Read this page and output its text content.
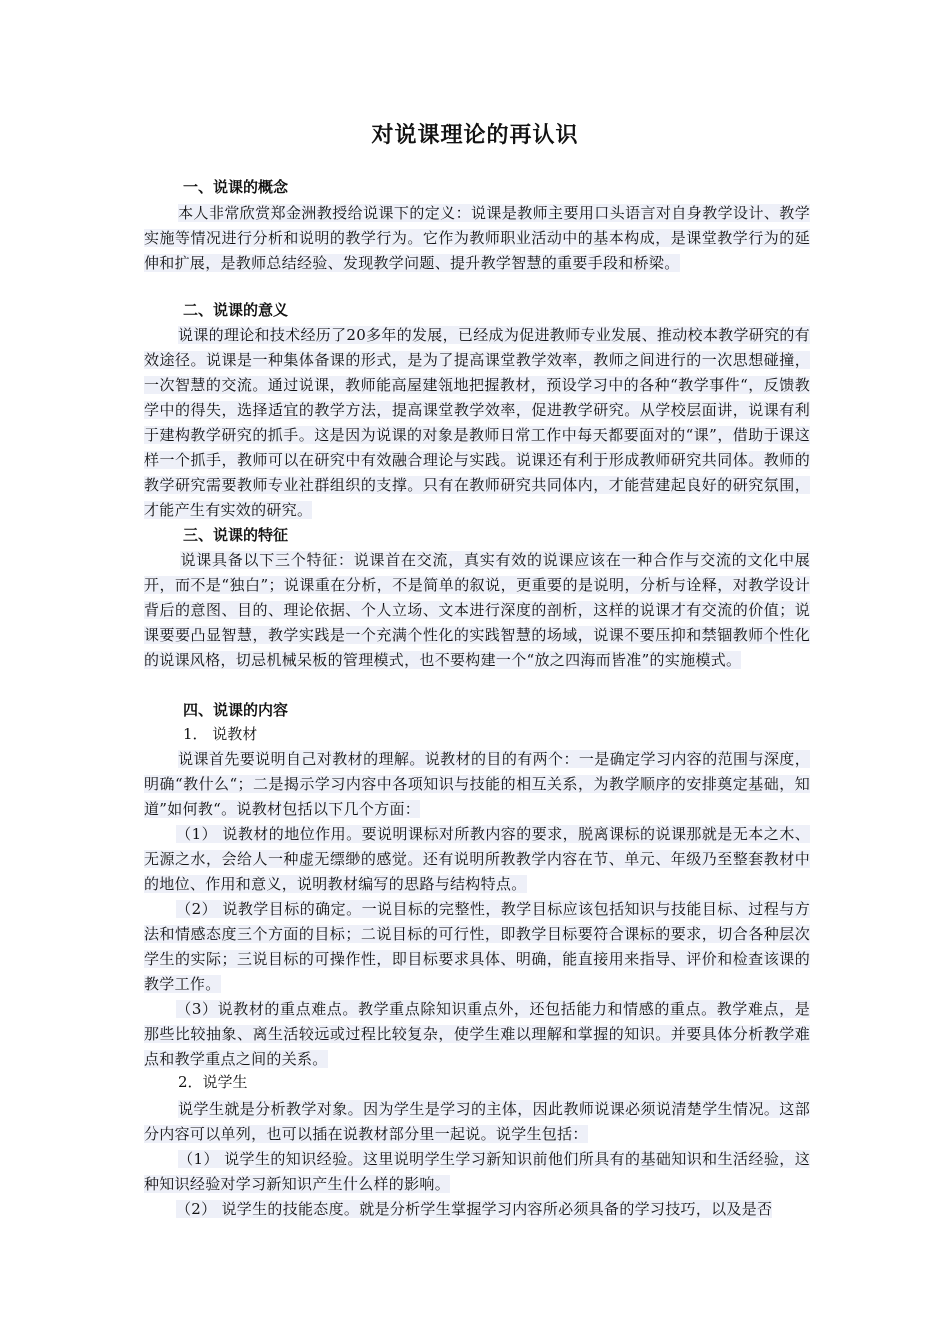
对说课理论的再认识
一、说课的概念
本人非常欣赏郑金洲教授给说课下的定义：说课是教师主要用口头语言对自身教学设计、教学实施等情况进行分析和说明的教学行为。它作为教师职业活动中的基本构成，是课堂教学行为的延伸和扩展，是教师总结经验、发现教学问题、提升教学智慧的重要手段和桥梁。
二、说课的意义
说课的理论和技术经历了20多年的发展，已经成为促进教师专业发展、推动校本教学研究的有效途径。说课是一种集体备课的形式，是为了提高课堂教学效率，教师之间进行的一次思想碰撞，一次智慧的交流。通过说课，教师能高屋建瓴地把握教材，预设学习中的各种“教学事件“，反馈教学中的得失，选择适宜的教学方法，提高课堂教学效率，促进教学研究。从学校层面讲，说课有利于建构教学研究的抓手。这是因为说课的对象是教师日常工作中每天都要面对的“课”，借助于课这样一个抓手，教师可以在研究中有效融合理论与实践。说课还有利于形成教师研究共同体。教师的教学研究需要教师专业社群组织的支撑。只有在教师研究共同体内，才能营建起良好的研究氛围，才能产生有实效的研究。
三、说课的特征
说课具备以下三个特征：说课首在交流，真实有效的说课应该在一种合作与交流的文化中展开，而不是“独白”；说课重在分析，不是简单的叙说，更重要的是说明，分析与诠释，对教学设计背后的意图、目的、理论依据、个人立场、文本进行深度的剖析，这样的说课才有交流的价值；说课要要凸显智慧，教学实践是一个充满个性化的实践智慧的场域，说课不要压抑和禁锢教师个性化的说课风格，切忌机械呆板的管理模式，也不要构建一个“放之四海而皆准”的实施模式。
四、说课的内容
1． 说教材
说课首先要说明自己对教材的理解。说教材的目的有两个：一是确定学习内容的范围与深度，明确“教什么“；二是揭示学习内容中各项知识与技能的相互关系，为教学顺序的安排奠定基础，知道”如何教“。说教材包括以下几个方面：
（1） 说教材的地位作用。要说明课标对所教内容的要求，脱离课标的说课那就是无本之木、无源之水，会给人一种虚无缥缈的感觉。还有说明所教教学内容在节、单元、年级乃至整套教材中的地位、作用和意义，说明教材编写的思路与结构特点。
（2） 说教学目标的确定。一说目标的完整性，教学目标应该包括知识与技能目标、过程与方法和情感态度三个方面的目标；二说目标的可行性，即教学目标要符合课标的要求，切合各种层次学生的实际；三说目标的可操作性，即目标要求具体、明确，能直接用来指导、评价和检查该课的教学工作。
（3）说教材的重点难点。教学重点除知识重点外，还包括能力和情感的重点。教学难点，是那些比较抽象、离生活较远或过程比较复杂，使学生难以理解和掌握的知识。并要具体分析教学难点和教学重点之间的关系。
2．说学生
说学生就是分析教学对象。因为学生是学习的主体，因此教师说课必须说清楚学生情况。这部分内容可以单列，也可以插在说教材部分里一起说。说学生包括：
（1） 说学生的知识经验。这里说明学生学习新知识前他们所具有的基础知识和生活经验，这种知识经验对学习新知识产生什么样的影响。
（2） 说学生的技能态度。就是分析学生掌握学习内容所必须具备的学习技巧，以及是否
